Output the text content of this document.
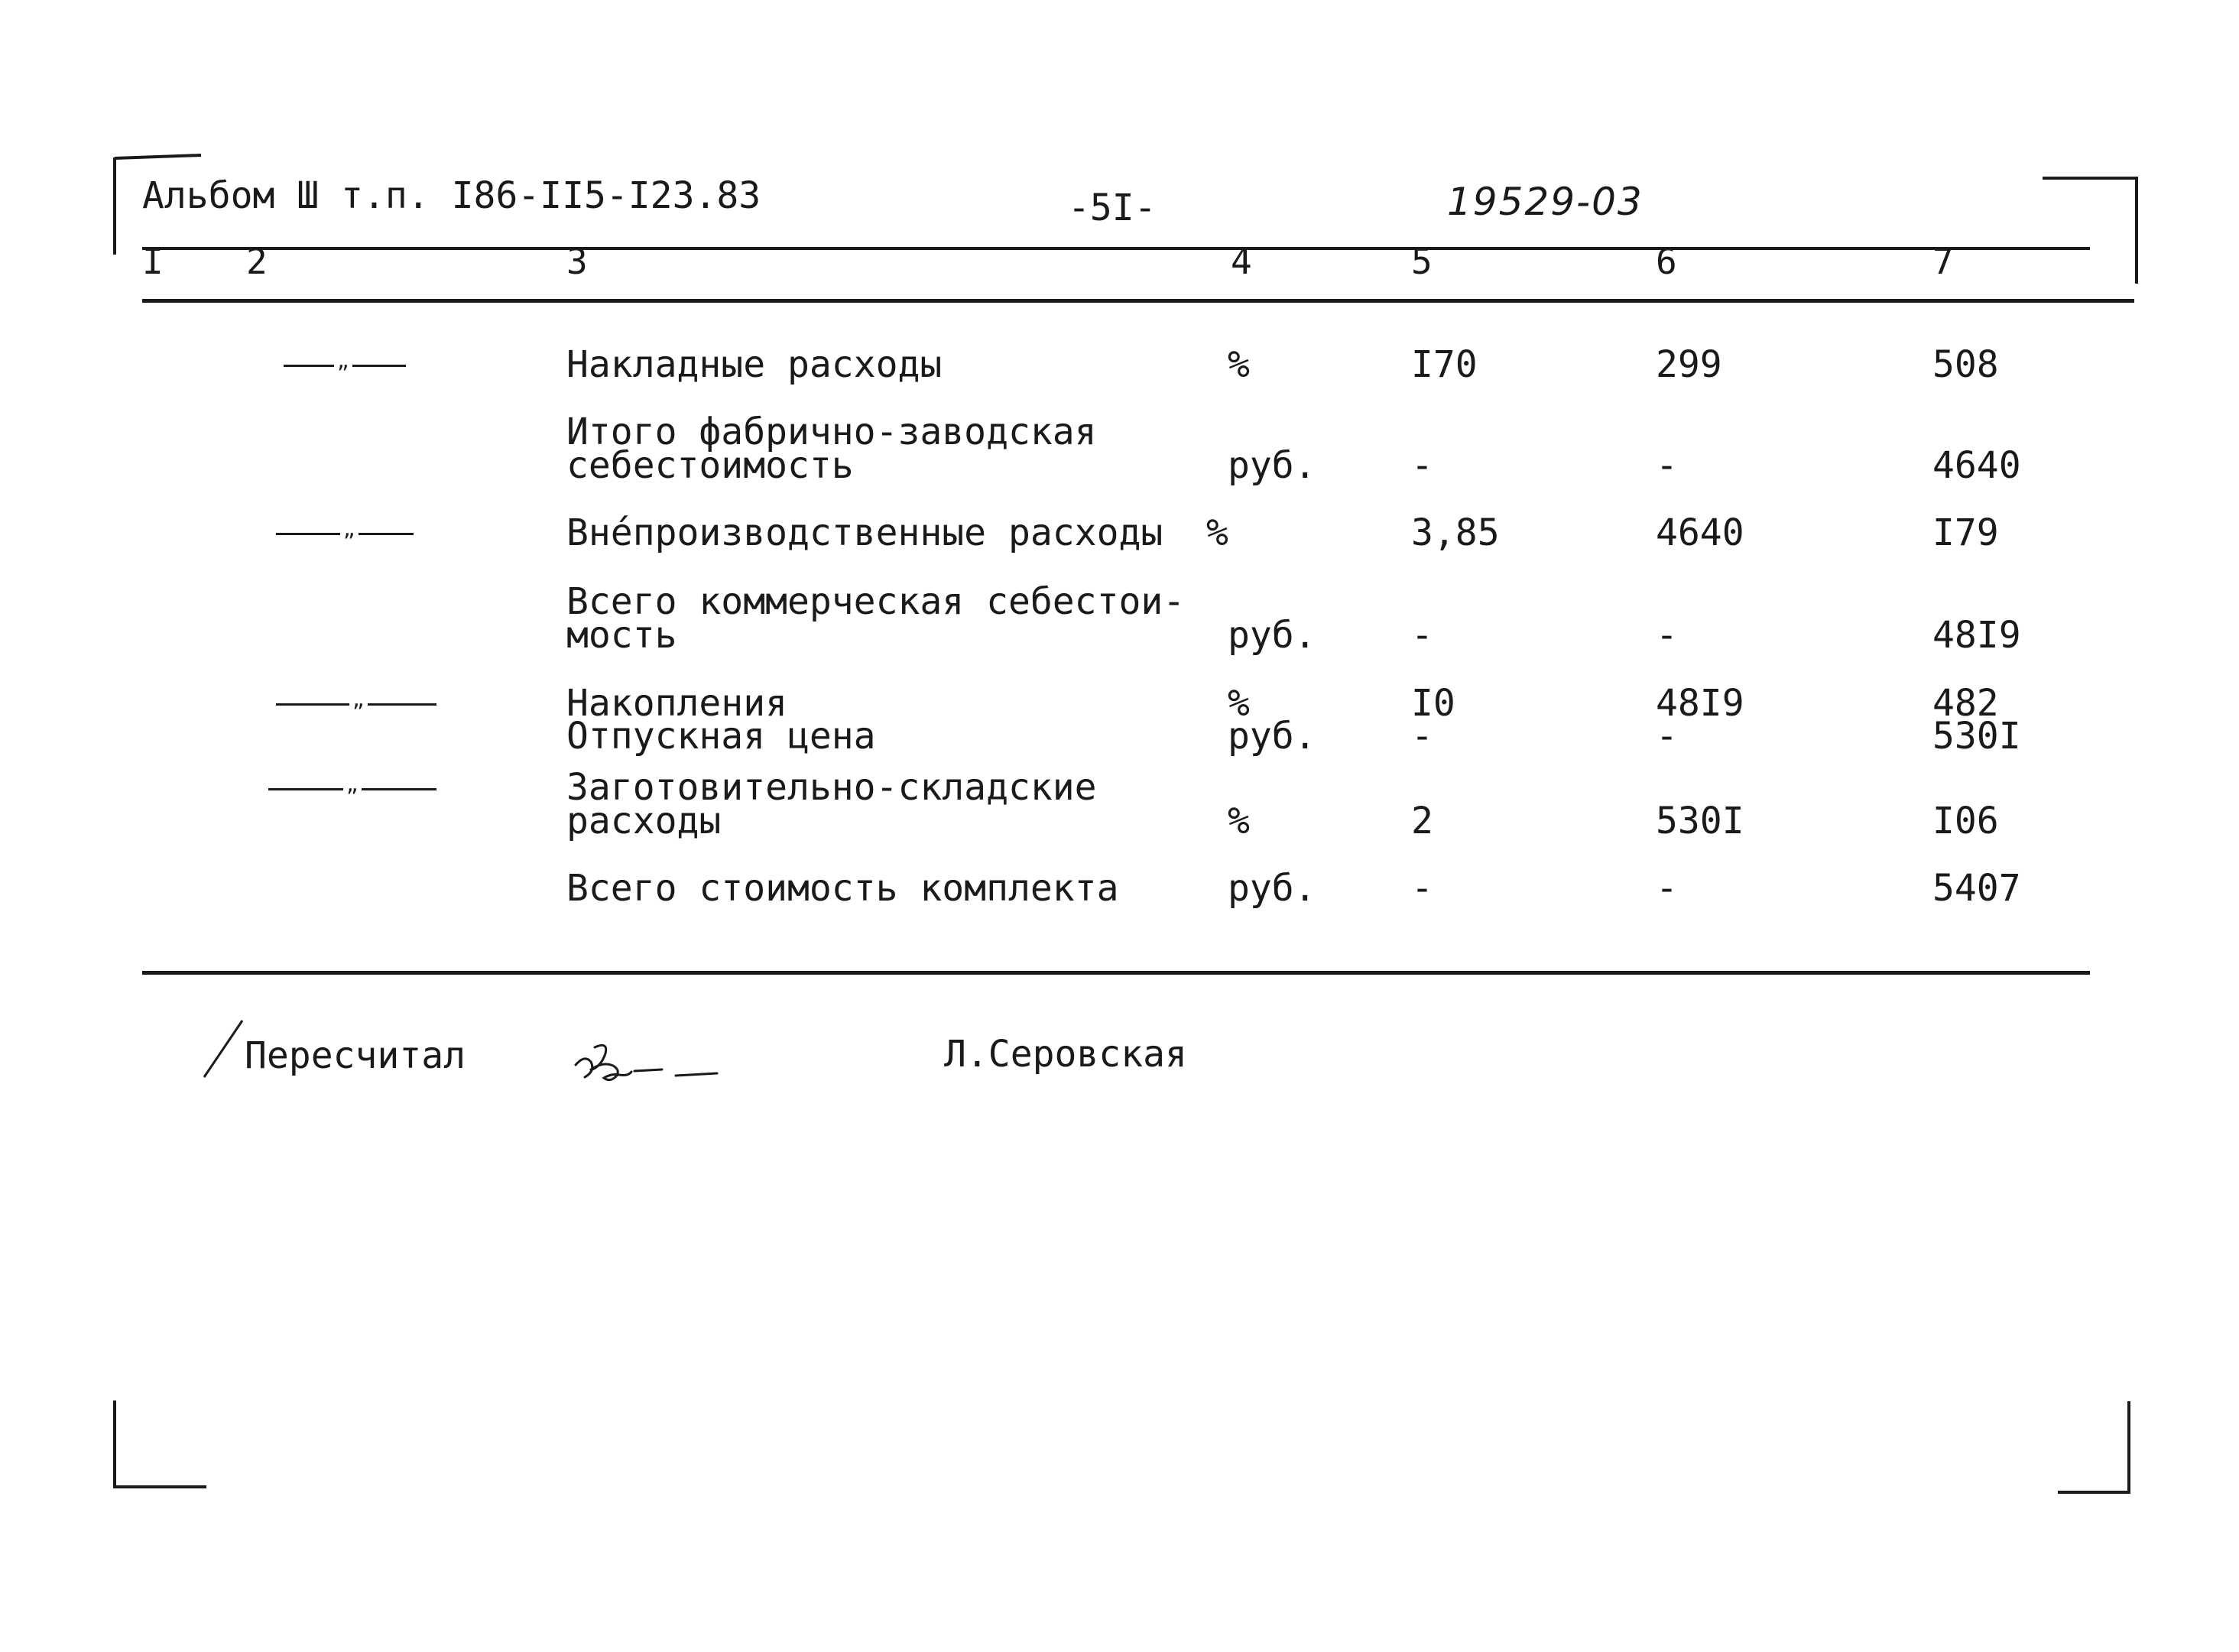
Альбом Ш т.п. I86-II5-I23.83	-5I-	19529-03
I 2	3	4	5	6	7
„	Накладные расходы	%	I70	299	508
Итого фабрично-заводская
себестоимость	руб.	-	-	4640
„	Внéпроизводственные расходы %	3,85	4640	I79
Всего коммерческая себестои-
мость	руб.	-	-	48I9
„	Накопления	%	I0	48I9	482
Отпускная цена	руб.	-	-	530I
„	Заготовительно-складские
расходы	%	2	530I	I06
Всего стоимость комплекта	руб.	-	-	5407
Пересчитал	Л.Серовская
